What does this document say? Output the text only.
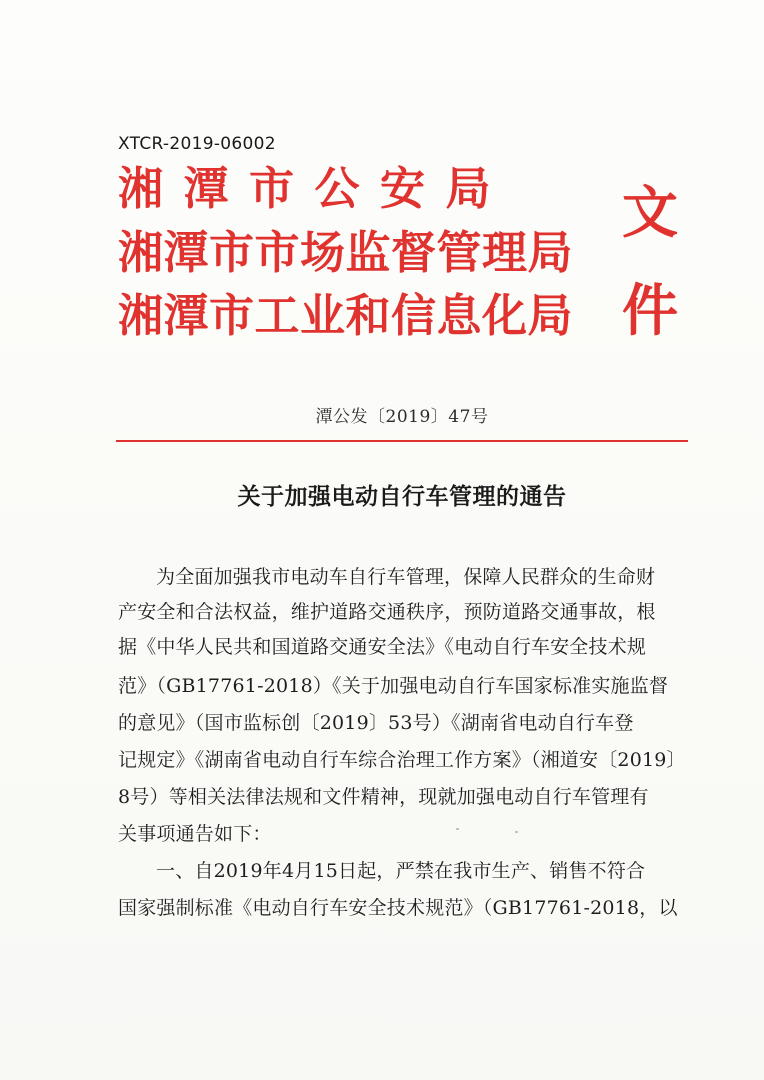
XTCR-2019-06002
湘潭市公安局
湘潭市市场监督管理局
湘潭市工业和信息化局
文
件
潭公发〔2019〕47号
关于加强电动自行车管理的通告
为全面加强我市电动车自行车管理，保障人民群众的生命财
产安全和合法权益，维护道路交通秩序，预防道路交通事故，根
据《中华人民共和国道路交通安全法》《电动自行车安全技术规
范》（GB17761-2018）《关于加强电动自行车国家标准实施监督
的意见》（国市监标创〔2019〕53号）《湖南省电动自行车登
记规定》《湖南省电动自行车综合治理工作方案》（湘道安〔2019〕
8号）等相关法律法规和文件精神，现就加强电动自行车管理有
关事项通告如下：
一、自2019年4月15日起，严禁在我市生产、销售不符合
国家强制标准《电动自行车安全技术规范》（GB17761-2018，以
